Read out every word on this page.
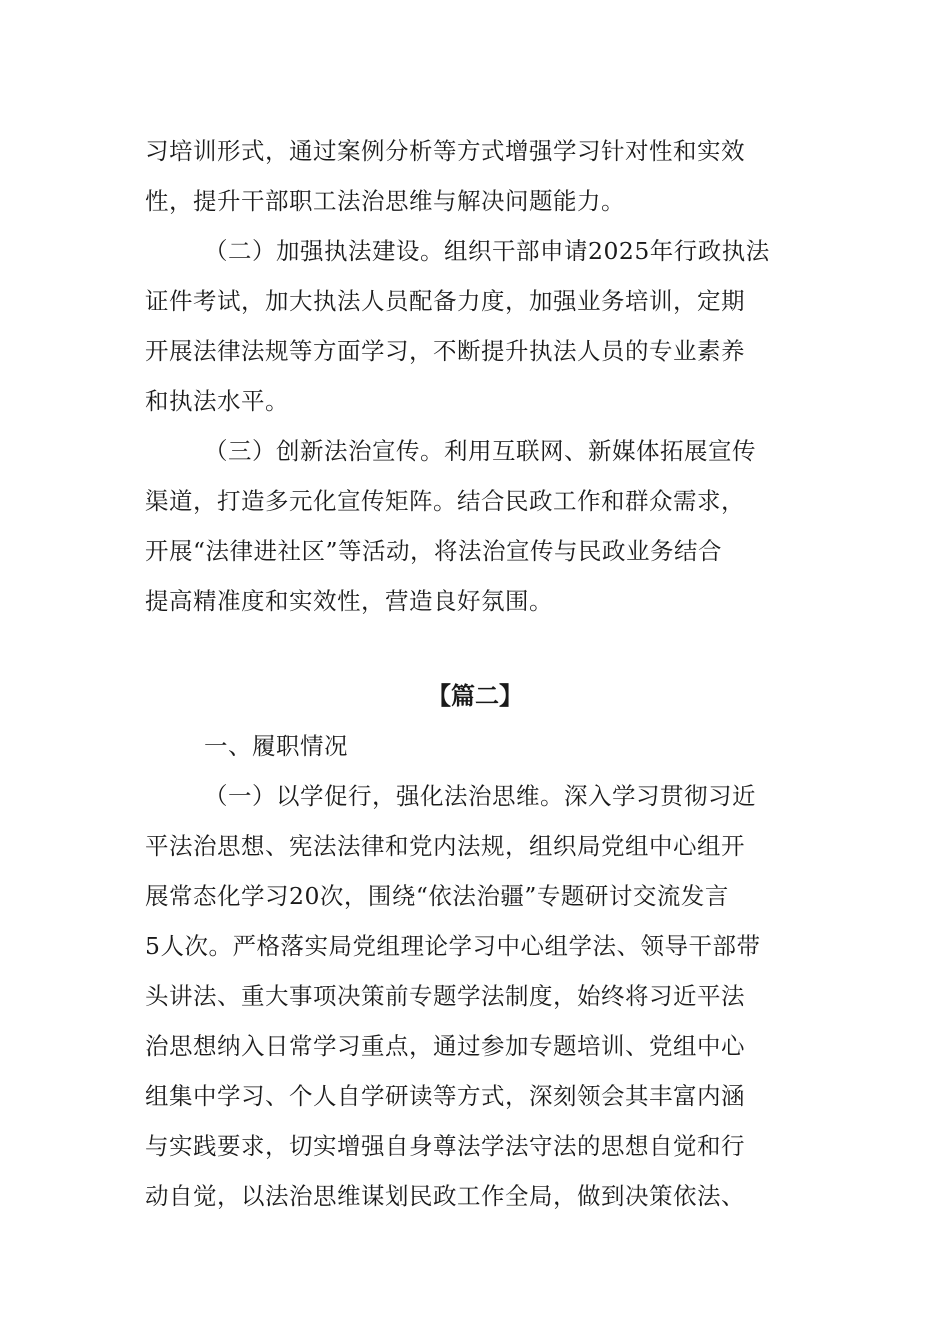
习培训形式，通过案例分析等方式增强学习针对性和实效
性，提升干部职工法治思维与解决问题能力。
（二）加强执法建设。组织干部申请2025年行政执法
证件考试，加大执法人员配备力度，加强业务培训，定期
开展法律法规等方面学习，不断提升执法人员的专业素养
和执法水平。
（三）创新法治宣传。利用互联网、新媒体拓展宣传
渠道，打造多元化宣传矩阵。结合民政工作和群众需求，
开展“法律进社区”等活动，将法治宣传与民政业务结合
提高精准度和实效性，营造良好氛围。
【篇二】
一、履职情况
（一）以学促行，强化法治思维。深入学习贯彻习近
平法治思想、宪法法律和党内法规，组织局党组中心组开
展常态化学习20次，围绕“依法治疆”专题研讨交流发言
5人次。严格落实局党组理论学习中心组学法、领导干部带
头讲法、重大事项决策前专题学法制度，始终将习近平法
治思想纳入日常学习重点，通过参加专题培训、党组中心
组集中学习、个人自学研读等方式，深刻领会其丰富内涵
与实践要求，切实增强自身尊法学法守法的思想自觉和行
动自觉，以法治思维谋划民政工作全局，做到决策依法、
